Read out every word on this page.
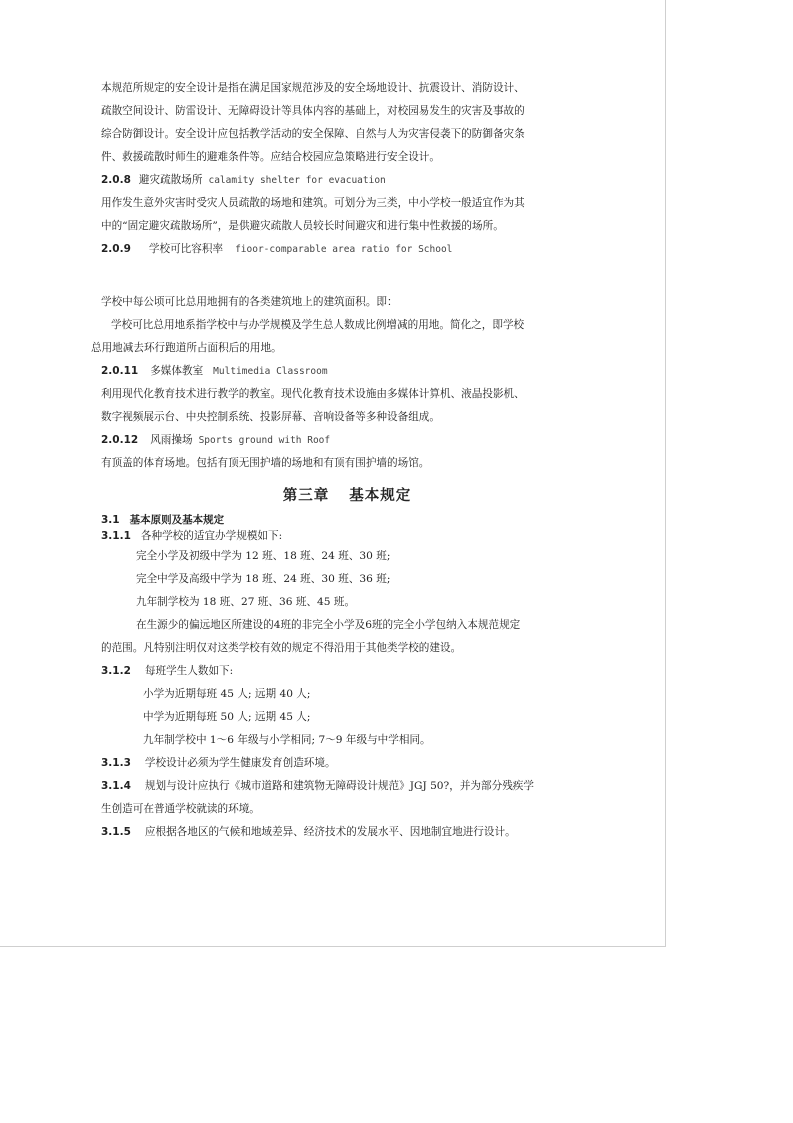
本规范所规定的安全设计是指在满足国家规范涉及的安全场地设计、抗震设计、消防设计、
疏散空间设计、防雷设计、无障碍设计等具体内容的基础上，对校园易发生的灾害及事故的
综合防御设计。安全设计应包括教学活动的安全保障、自然与人为灾害侵袭下的防御备灾条
件、救援疏散时师生的避难条件等。应结合校园应急策略进行安全设计。

2.0.8 避灾疏散场所 calamity shelter for evacuation

用作发生意外灾害时受灾人员疏散的场地和建筑。可划分为三类，中小学校一般适宜作为其
中的“固定避灾疏散场所”，是供避灾疏散人员较长时间避灾和进行集中性救援的场所。

2.0.9 学校可比容积率 fioor-comparable area ratio for School

学校中每公顷可比总用地拥有的各类建筑地上的建筑面积。即：

学校可比总用地系指学校中与办学规模及学生总人数成比例增减的用地。简化之，即学校
总用地减去环行跑道所占面积后的用地。

2.0.11 多媒体教室 Multimedia Classroom

利用现代化教育技术进行教学的教室。现代化教育技术设施由多媒体计算机、液晶投影机、
数字视频展示台、中央控制系统、投影屏幕、音响设备等多种设备组成。

2.0.12 风雨操场 Sports ground with Roof

有顶盖的体育场地。包括有顶无围护墙的场地和有顶有围护墙的场馆。

第三章 基本规定

3.1 基本原则及基本规定

3.1.1 各种学校的适宜办学规模如下:

完全小学及初级中学为 12 班、18 班、24 班、30 班;
完全中学及高级中学为 18 班、24 班、30 班、36 班;
九年制学校为 18 班、27 班、36 班、45 班。

在生源少的偏远地区所建设的4班的非完全小学及6班的完全小学包纳入本规范规定
的范围。凡特别注明仅对这类学校有效的规定不得沿用于其他类学校的建设。

3.1.2 每班学生人数如下:

小学为近期每班 45 人; 远期 40 人;
中学为近期每班 50 人; 远期 45 人;
九年制学校中 1～6 年级与小学相同; 7～9 年级与中学相同。

3.1.3 学校设计必须为学生健康发育创造环境。

3.1.4 规划与设计应执行《城市道路和建筑物无障碍设计规范》JGJ 50?，并为部分残疾学
生创造可在普通学校就读的环境。

3.1.5 应根据各地区的气候和地域差异、经济技术的发展水平、因地制宜地进行设计。
